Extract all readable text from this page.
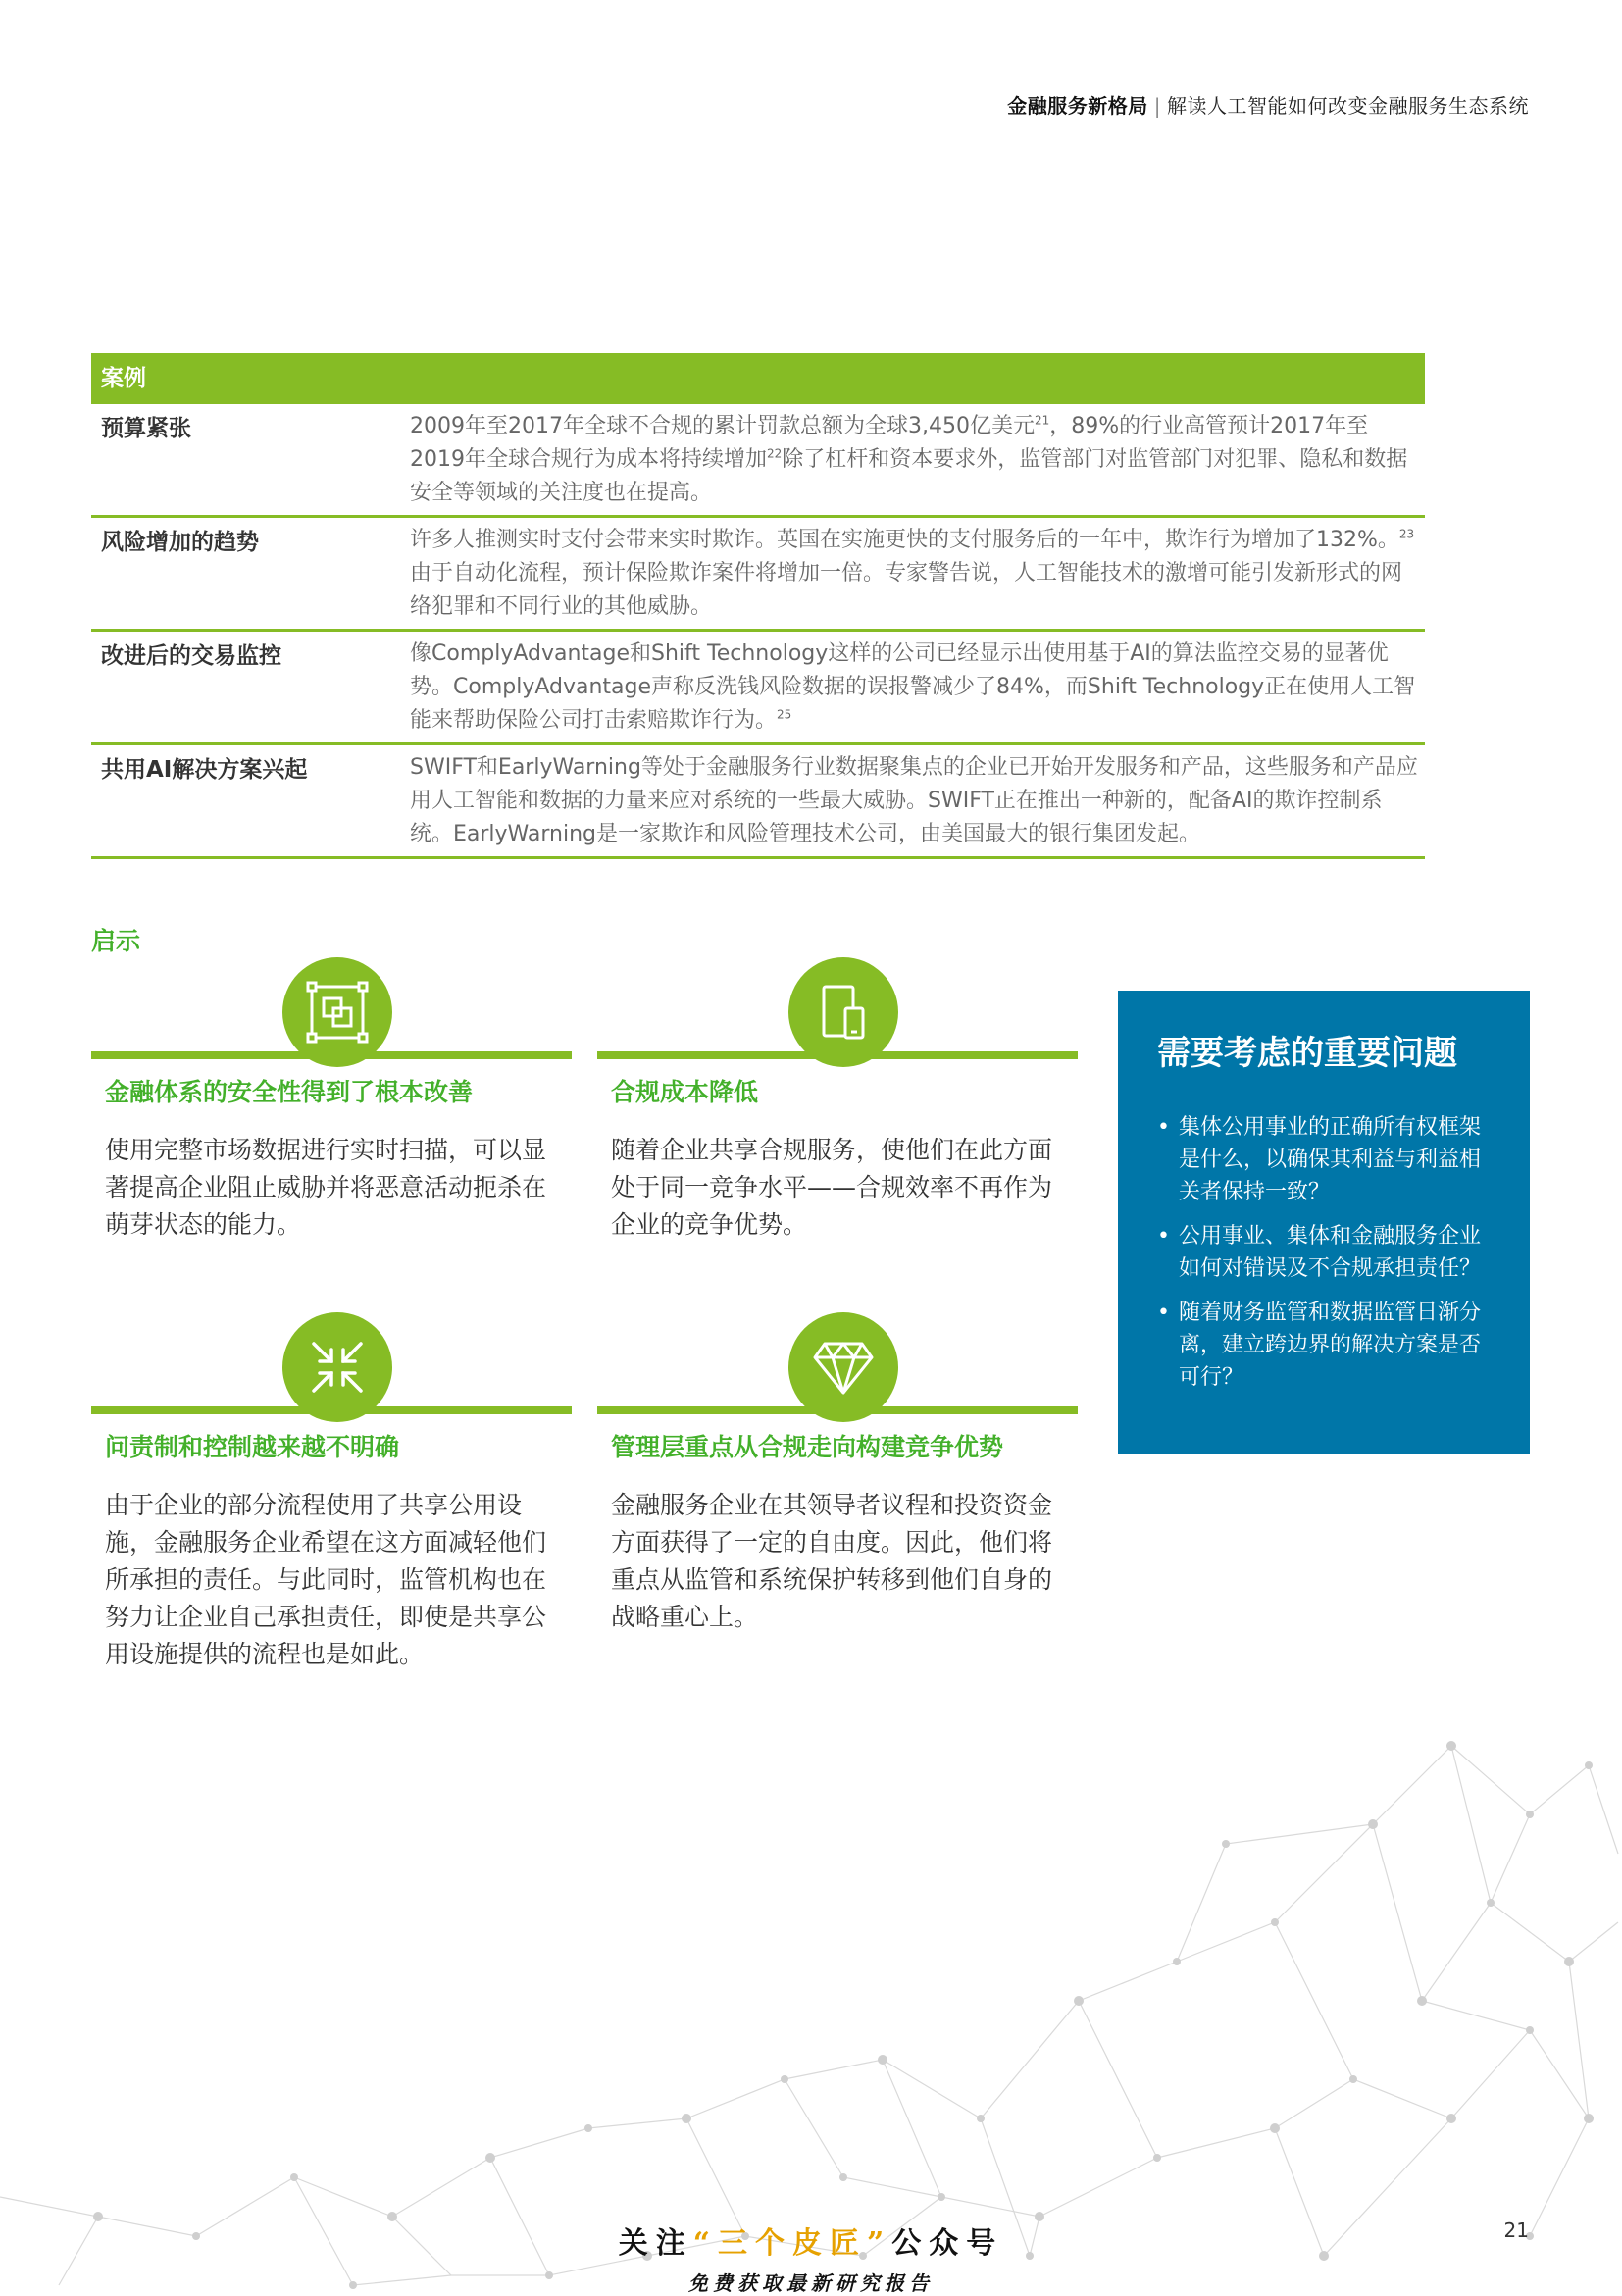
金融服务新格局 | 解读人工智能如何改变金融服务生态系统
案例
预算紧张	2009年至2017年全球不合规的累计罚款总额为全球3,450亿美元$^{21}$，89%的行业高管预计2017年至2019年全球合规行为成本将持续增加$^{22}$除了杠杆和资本要求外，监管部门对监管部门对犯罪、隐私和数据安全等领域的关注度也在提高。
风险增加的趋势	许多人推测实时支付会带来实时欺诈。英国在实施更快的支付服务后的一年中，欺诈行为增加了132%。$^{23}$由于自动化流程，预计保险欺诈案件将增加一倍。专家警告说，人工智能技术的激增可能引发新形式的网络犯罪和不同行业的其他威胁。
改进后的交易监控	像ComplyAdvantage和Shift Technology这样的公司已经显示出使用基于AI的算法监控交易的显著优势。ComplyAdvantage声称反洗钱风险数据的误报警减少了84%，而Shift Technology正在使用人工智能来帮助保险公司打击索赔欺诈行为。$^{25}$
共用AI解决方案兴起	SWIFT和EarlyWarning等处于金融服务行业数据聚集点的企业已开始开发服务和产品，这些服务和产品应用人工智能和数据的力量来应对系统的一些最大威胁。SWIFT正在推出一种新的，配备AI的欺诈控制系统。EarlyWarning是一家欺诈和风险管理技术公司，由美国最大的银行集团发起。
启示
金融体系的安全性得到了根本改善
使用完整市场数据进行实时扫描，可以显著提高企业阻止威胁并将恶意活动扼杀在萌芽状态的能力。
合规成本降低
随着企业共享合规服务，使他们在此方面处于同一竞争水平——合规效率不再作为企业的竞争优势。
问责制和控制越来越不明确
由于企业的部分流程使用了共享公用设施，金融服务企业希望在这方面减轻他们所承担的责任。与此同时，监管机构也在努力让企业自己承担责任，即使是共享公用设施提供的流程也是如此。
管理层重点从合规走向构建竞争优势
金融服务企业在其领导者议程和投资资金方面获得了一定的自由度。因此，他们将重点从监管和系统保护转移到他们自身的战略重心上。
需要考虑的重要问题
• 集体公用事业的正确所有权框架是什么，以确保其利益与利益相关者保持一致？
• 公用事业、集体和金融服务企业如何对错误及不合规承担责任？
• 随着财务监管和数据监管日渐分离，建立跨边界的解决方案是否可行？
21
关注“三个皮匠”公众号
免费获取最新研究报告
